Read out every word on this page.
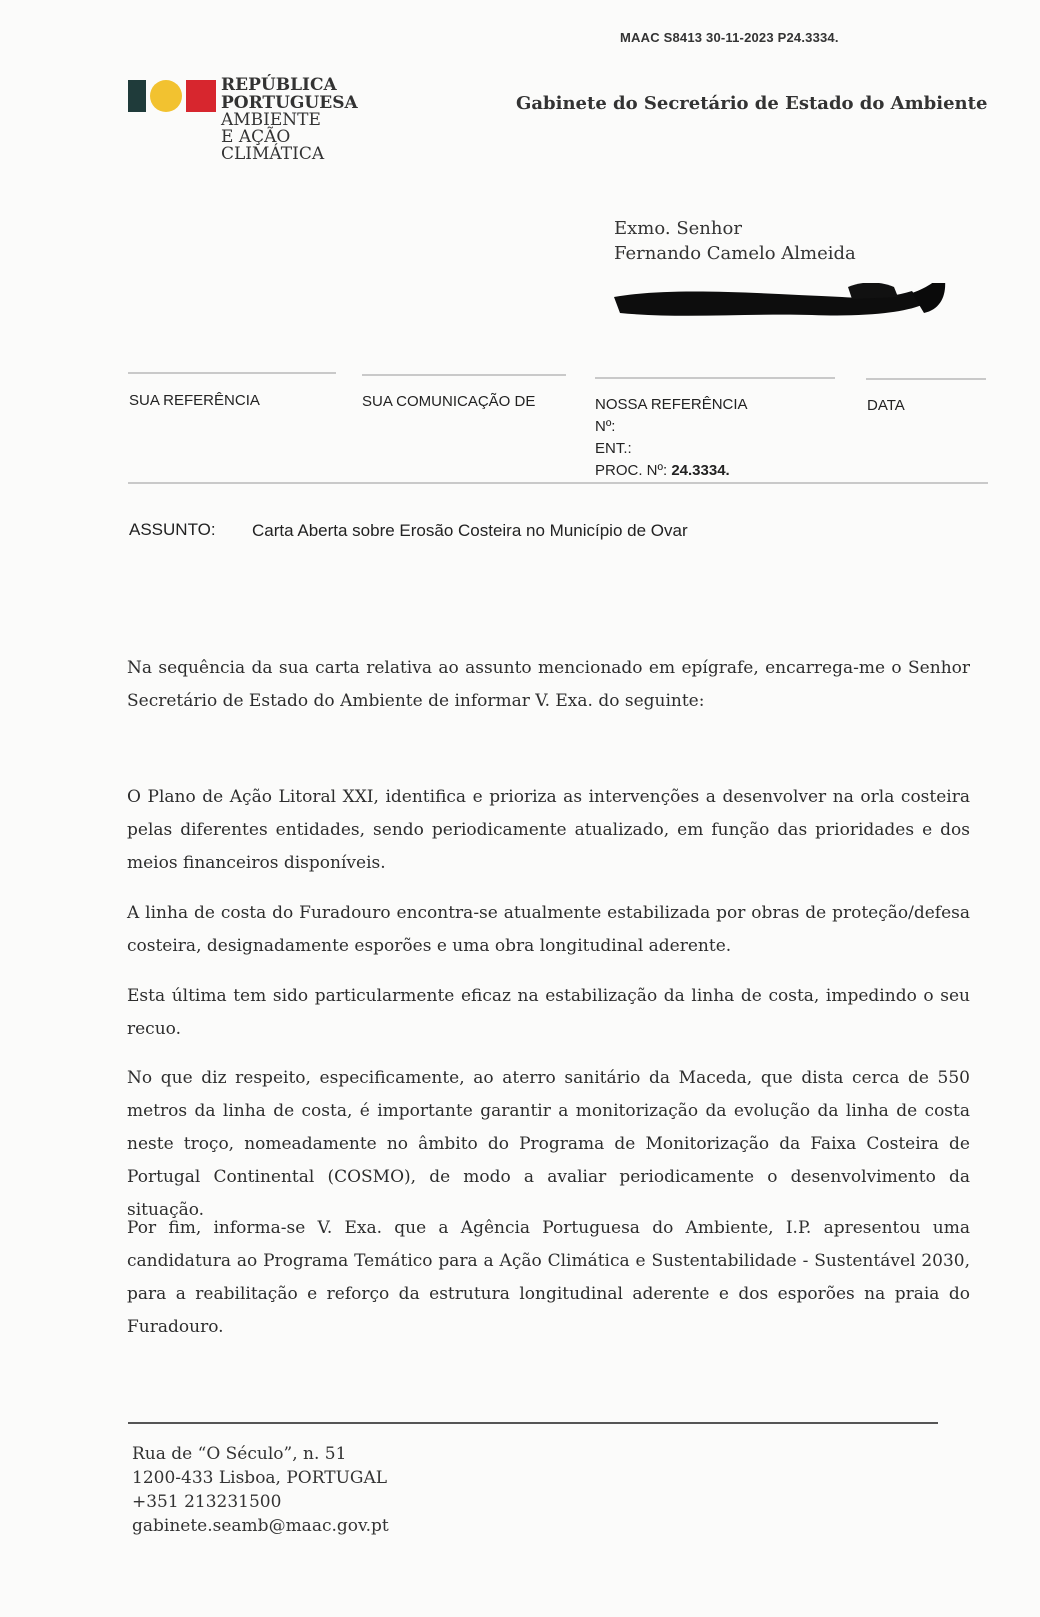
MAAC S8413 30-11-2023 P24.3334.
REPÚBLICA
PORTUGUESA
AMBIENTE
E AÇÃO CLIMÁTICA
Gabinete do Secretário de Estado do Ambiente
Exmo. Senhor
Fernando Camelo Almeida
SUA REFERÊNCIA	SUA COMUNICAÇÃO DE	NOSSA REFERÊNCIA
Nº:
ENT.:
PROC. Nº: 24.3334.
DATA
ASSUNTO: Carta Aberta sobre Erosão Costeira no Município de Ovar

Na sequência da sua carta relativa ao assunto mencionado em epígrafe, encarrega-me o Senhor Secretário de Estado do Ambiente de informar V. Exa. do seguinte:

O Plano de Ação Litoral XXI, identifica e prioriza as intervenções a desenvolver na orla costeira pelas diferentes entidades, sendo periodicamente atualizado, em função das prioridades e dos meios financeiros disponíveis.

A linha de costa do Furadouro encontra-se atualmente estabilizada por obras de proteção/defesa costeira, designadamente esporões e uma obra longitudinal aderente.

Esta última tem sido particularmente eficaz na estabilização da linha de costa, impedindo o seu recuo.

No que diz respeito, especificamente, ao aterro sanitário da Maceda, que dista cerca de 550 metros da linha de costa, é importante garantir a monitorização da evolução da linha de costa neste troço, nomeadamente no âmbito do Programa de Monitorização da Faixa Costeira de Portugal Continental (COSMO), de modo a avaliar periodicamente o desenvolvimento da situação.

Por fim, informa-se V. Exa. que a Agência Portuguesa do Ambiente, I.P. apresentou uma candidatura ao Programa Temático para a Ação Climática e Sustentabilidade - Sustentável 2030, para a reabilitação e reforço da estrutura longitudinal aderente e dos esporões na praia do Furadouro.

Rua de “O Século”, n. 51
1200-433 Lisboa, PORTUGAL
+351 213231500
gabinete.seamb@maac.gov.pt
